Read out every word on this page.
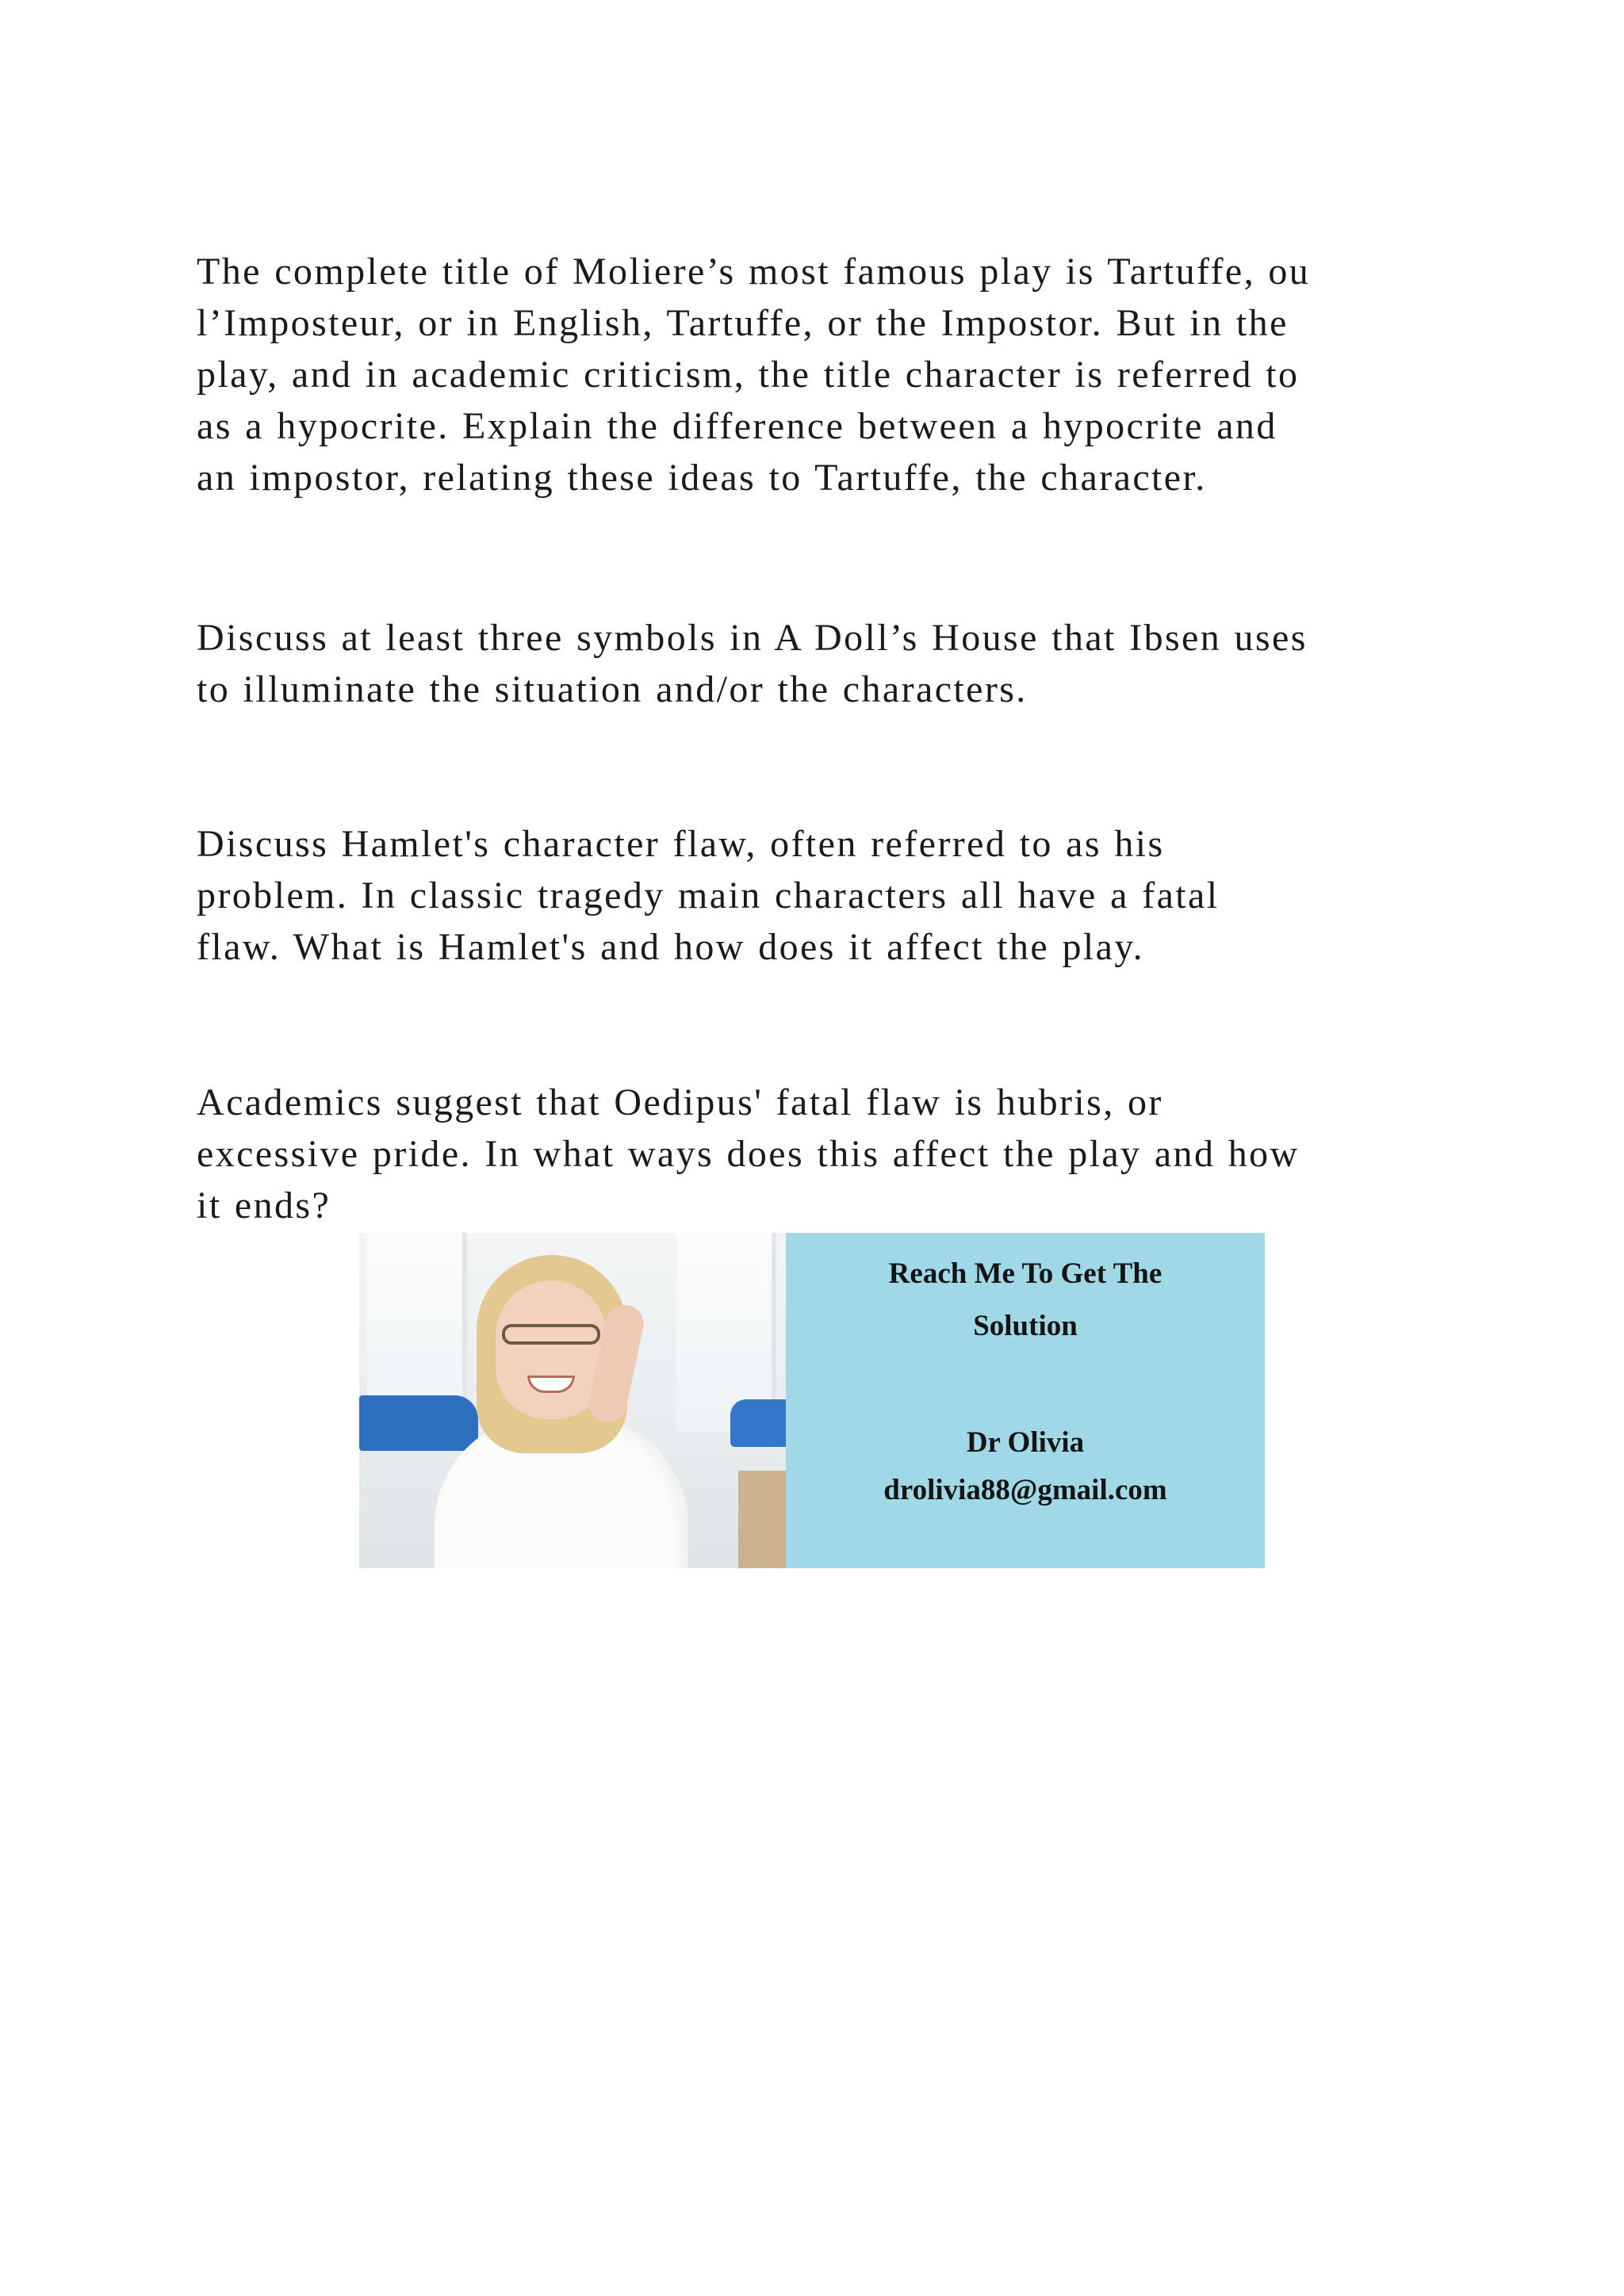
The complete title of Moliere’s most famous play is Tartuffe, ou
l’Imposteur, or in English, Tartuffe, or the Impostor. But in the
play, and in academic criticism, the title character is referred to
as a hypocrite. Explain the difference between a hypocrite and
an impostor, relating these ideas to Tartuffe, the character.

Discuss at least three symbols in A Doll’s House that Ibsen uses
to illuminate the situation and/or the characters.

Discuss Hamlet's character flaw, often referred to as his
problem. In classic tragedy main characters all have a fatal
flaw. What is Hamlet's and how does it affect the play.

Academics suggest that Oedipus' fatal flaw is hubris, or
excessive pride. In what ways does this affect the play and how
it ends?

Reach Me To Get The
Solution
Dr Olivia
drolivia88@gmail.com
